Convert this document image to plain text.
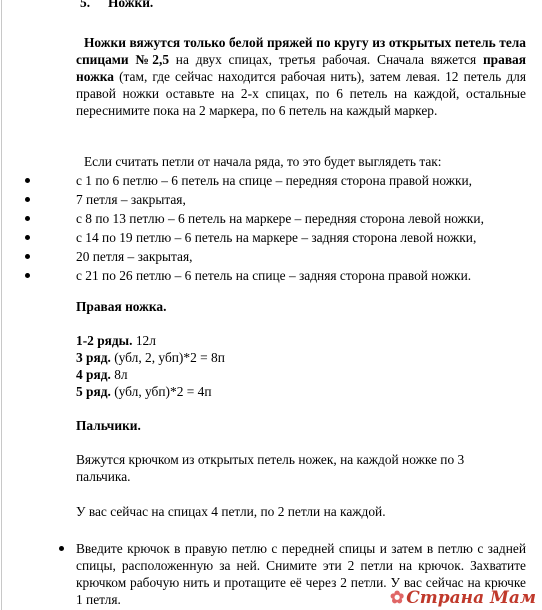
5. Ножки.
Ножки вяжутся только белой пряжей по кругу из открытых петель тела спицами №2,5 на двух спицах, третья рабочая. Сначала вяжется правая ножка (там, где сейчас находится рабочая нить), затем левая. 12 петель для правой ножки оставьте на 2-х спицах, по 6 петель на каждой, остальные переснимите пока на 2 маркера, по 6 петель на каждый маркер.
Если считать петли от начала ряда, то это будет выглядеть так:
с 1 по 6 петлю – 6 петель на спице – передняя сторона правой ножки,
7 петля – закрытая,
с 8 по 13 петлю – 6 петель на маркере – передняя сторона левой ножки,
с 14 по 19 петлю – 6 петель на маркере – задняя сторона левой ножки,
20 петля – закрытая,
с 21 по 26 петлю – 6 петель на спице – задняя сторона правой ножки.
Правая ножка.
1-2 ряды. 12л
3 ряд. (убл, 2, убп)*2 = 8п
4 ряд. 8л
5 ряд. (убл, убп)*2 = 4п
Пальчики.
Вяжутся крючком из открытых петель ножек, на каждой ножке по 3 пальчика.
У вас сейчас на спицах 4 петли, по 2 петли на каждой.
Введите крючок в правую петлю с передней спицы и затем в петлю с задней спицы, расположенную за ней. Снимите эти 2 петли на крючок. Захватите крючком рабочую нить и протащите её через 2 петли. У вас сейчас на крючке 1 петля.	✿ Страна Мам
